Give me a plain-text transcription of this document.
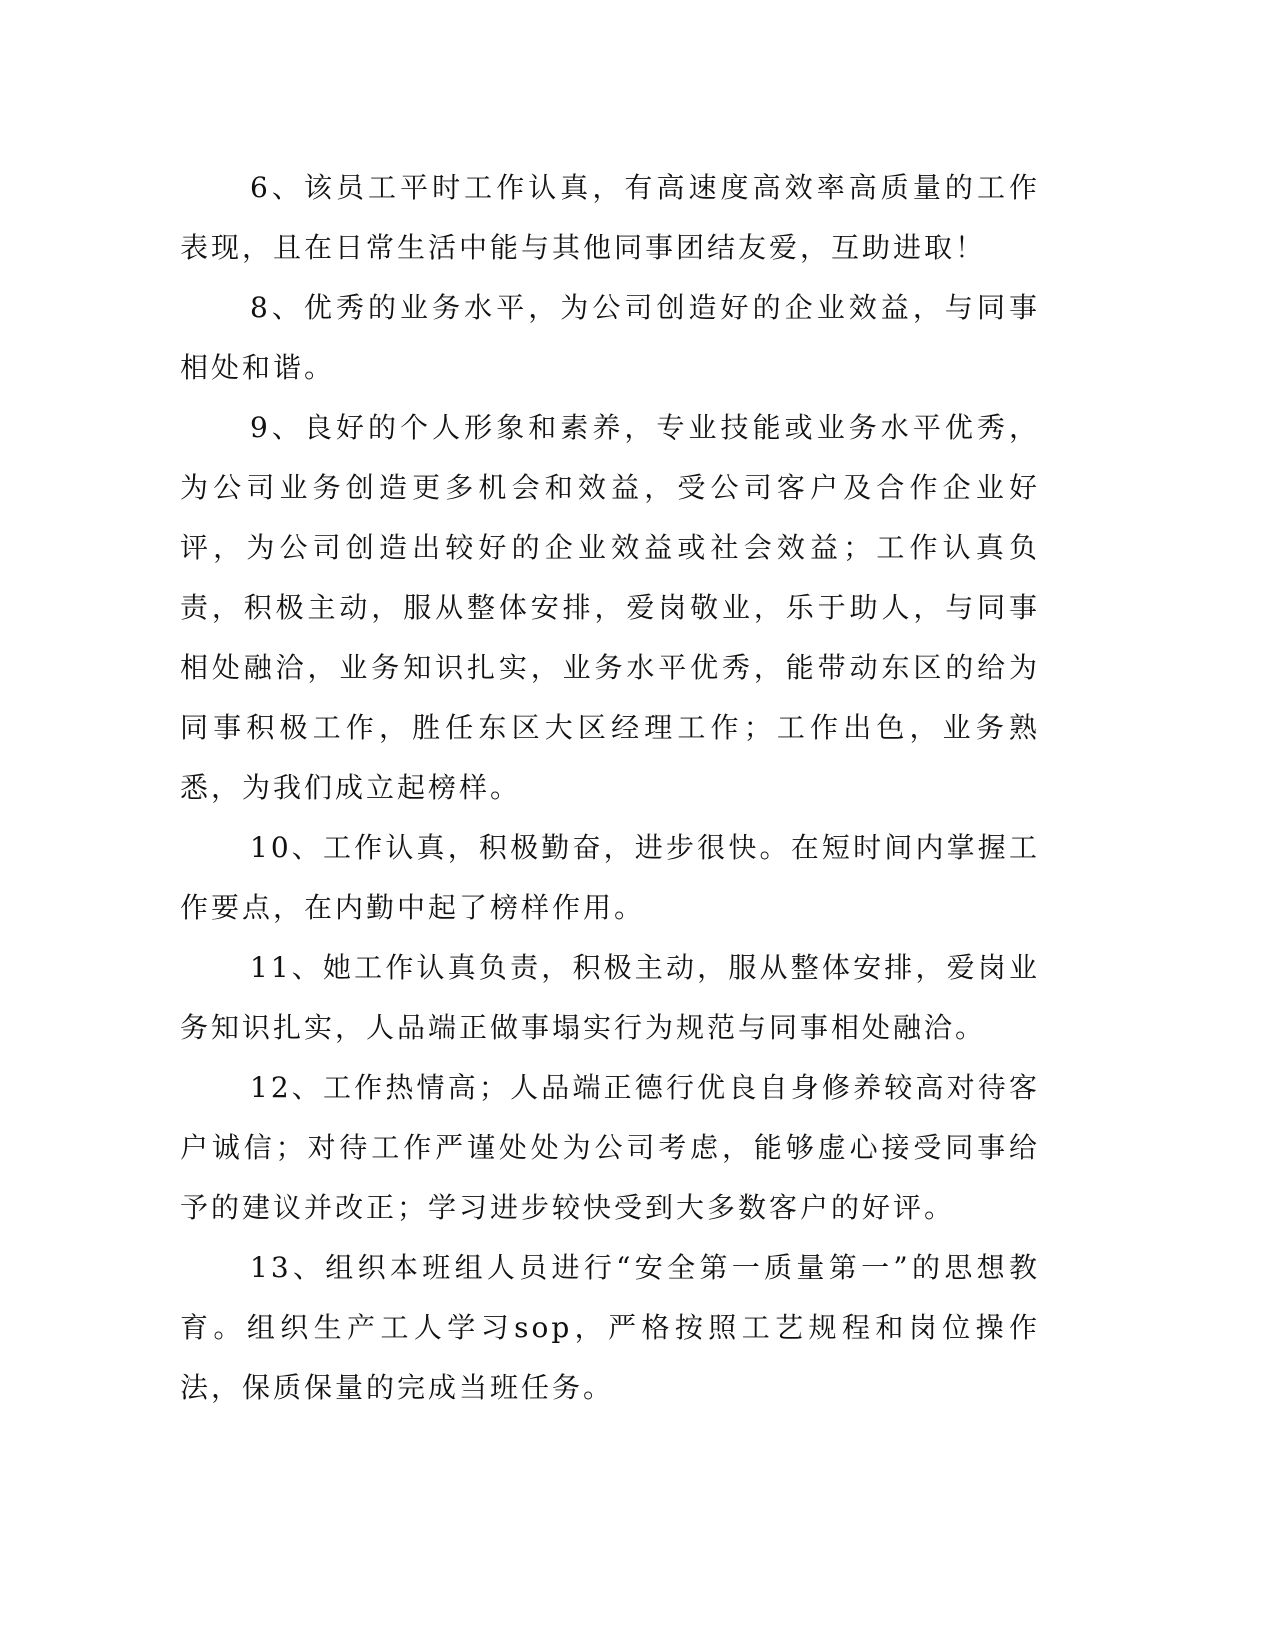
6、该员工平时工作认真，有高速度高效率高质量的工作表现，且在日常生活中能与其他同事团结友爱，互助进取！

8、优秀的业务水平，为公司创造好的企业效益，与同事相处和谐。

9、良好的个人形象和素养，专业技能或业务水平优秀，为公司业务创造更多机会和效益，受公司客户及合作企业好评，为公司创造出较好的企业效益或社会效益；工作认真负责，积极主动，服从整体安排，爱岗敬业，乐于助人，与同事相处融洽，业务知识扎实，业务水平优秀，能带动东区的给为同事积极工作，胜任东区大区经理工作；工作出色，业务熟悉，为我们成立起榜样。

10、工作认真，积极勤奋，进步很快。在短时间内掌握工作要点，在内勤中起了榜样作用。

11、她工作认真负责，积极主动，服从整体安排，爱岗业务知识扎实，人品端正做事塌实行为规范与同事相处融洽。

12、工作热情高；人品端正德行优良自身修养较高对待客户诚信；对待工作严谨处处为公司考虑，能够虚心接受同事给予的建议并改正；学习进步较快受到大多数客户的好评。

13、组织本班组人员进行“安全第一质量第一”的思想教育。组织生产工人学习sop，严格按照工艺规程和岗位操作法，保质保量的完成当班任务。
